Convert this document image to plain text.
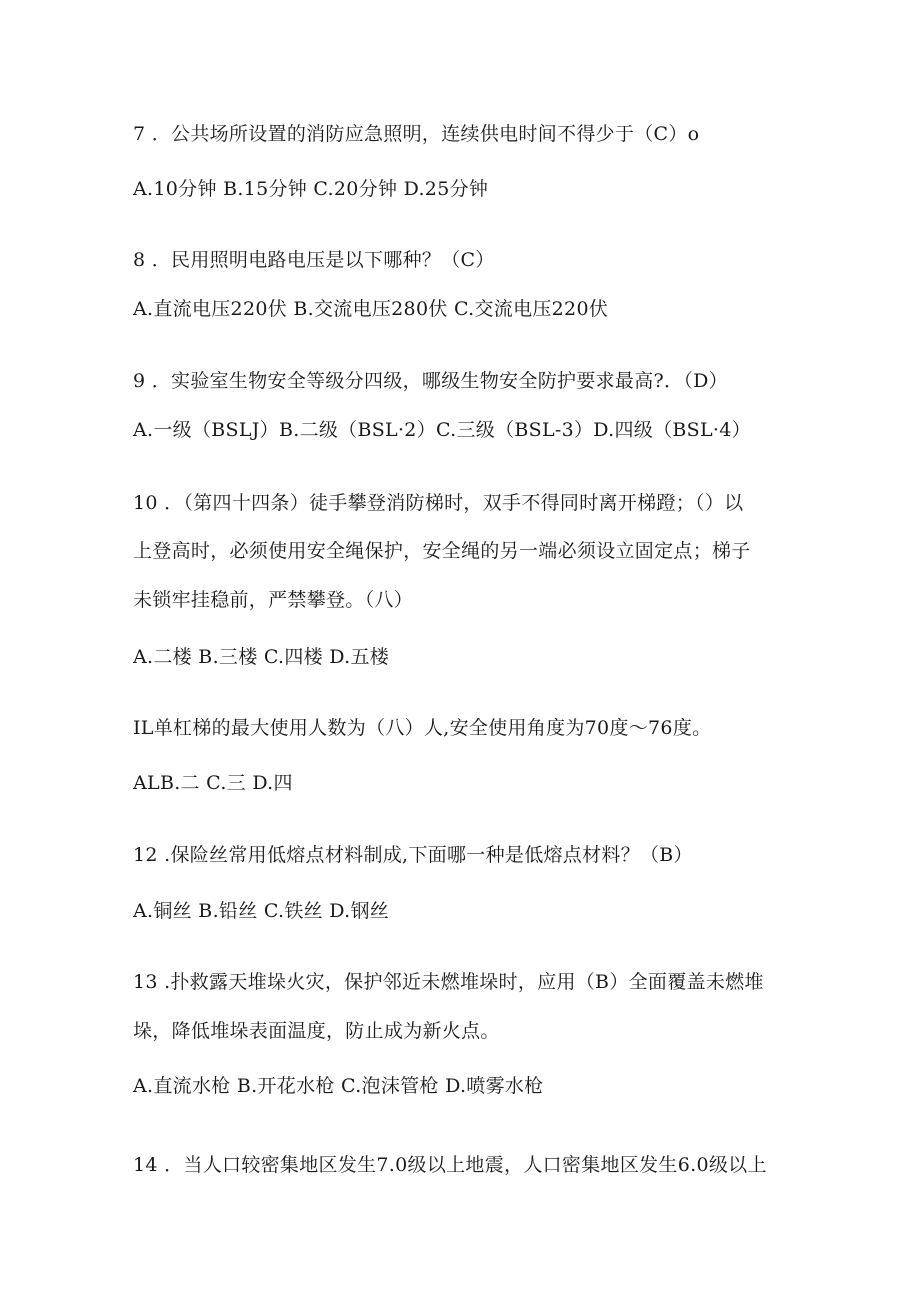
7 ．公共场所设置的消防应急照明，连续供电时间不得少于（C）o
A.10分钟 B.15分钟 C.20分钟 D.25分钟
8 ．民用照明电路电压是以下哪种？（C）
A.直流电压220伏 B.交流电压280伏 C.交流电压220伏
9 ．实验室生物安全等级分四级，哪级生物安全防护要求最高?．（D）
A.一级（BSLJ）B.二级（BSL·2）C.三级（BSL-3）D.四级（BSL·4）
10 ．（第四十四条）徒手攀登消防梯时，双手不得同时离开梯蹬；（）以
上登高时，必须使用安全绳保护，安全绳的另一端必须设立固定点；梯子
未锁牢挂稳前，严禁攀登。（八）
A.二楼 B.三楼 C.四楼 D.五楼
IL单杠梯的最大使用人数为（八）人,安全使用角度为70度～76度。
ALB.二 C.三 D.四
12 .保险丝常用低熔点材料制成,下面哪一种是低熔点材料？（B）
A.铜丝 B.铅丝 C.铁丝 D.钢丝
13 .扑救露天堆垛火灾，保护邻近未燃堆垛时，应用（B）全面覆盖未燃堆
垛，降低堆垛表面温度，防止成为新火点。
A.直流水枪 B.开花水枪 C.泡沫管枪 D.喷雾水枪
14 ．当人口较密集地区发生7.0级以上地震，人口密集地区发生6.0级以上
